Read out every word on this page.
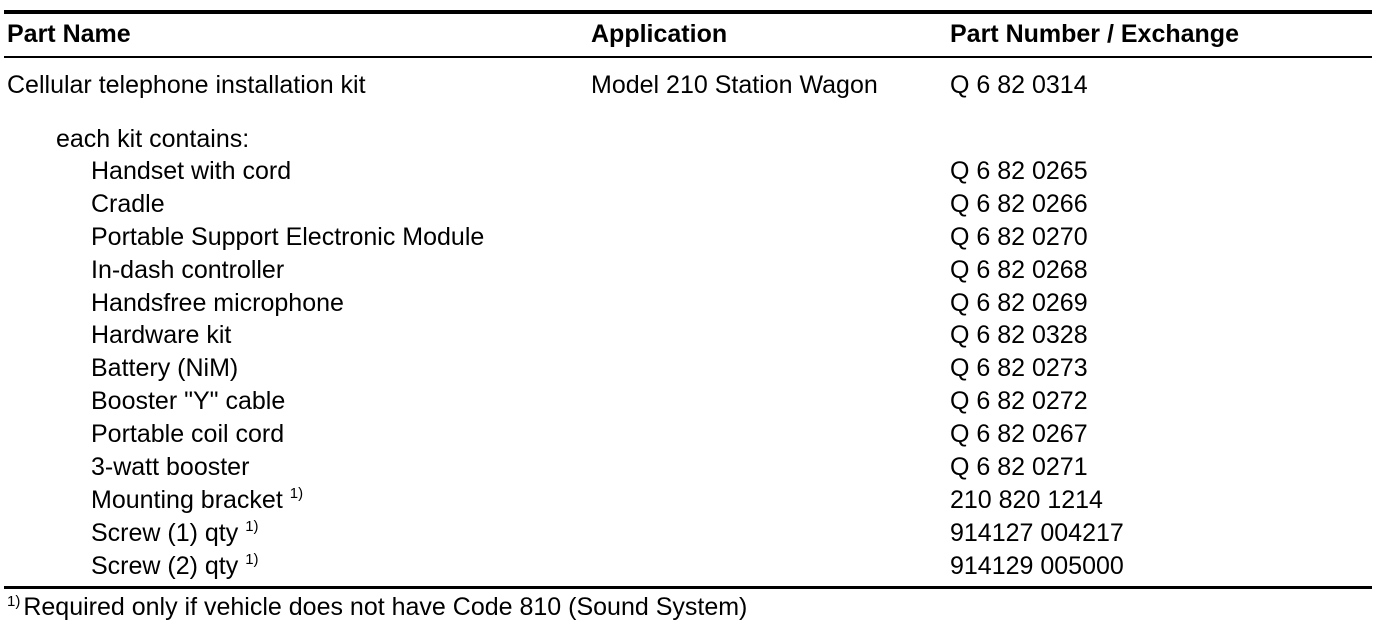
Part Name	Application	Part Number / Exchange
Cellular telephone installation kit	Model 210 Station Wagon	Q 6 82 0314
each kit contains:
Handset with cord	Q 6 82 0265
Cradle	Q 6 82 0266
Portable Support Electronic Module	Q 6 82 0270
In-dash controller	Q 6 82 0268
Handsfree microphone	Q 6 82 0269
Hardware kit	Q 6 82 0328
Battery (NiM)	Q 6 82 0273
Booster "Y" cable	Q 6 82 0272
Portable coil cord	Q 6 82 0267
3-watt booster	Q 6 82 0271
Mounting bracket $^{1)}$	210 820 1214
Screw (1) qty $^{1)}$	914127 004217
Screw (2) qty $^{1)}$	914129 005000
$^{1)}$ Required only if vehicle does not have Code 810 (Sound System)
